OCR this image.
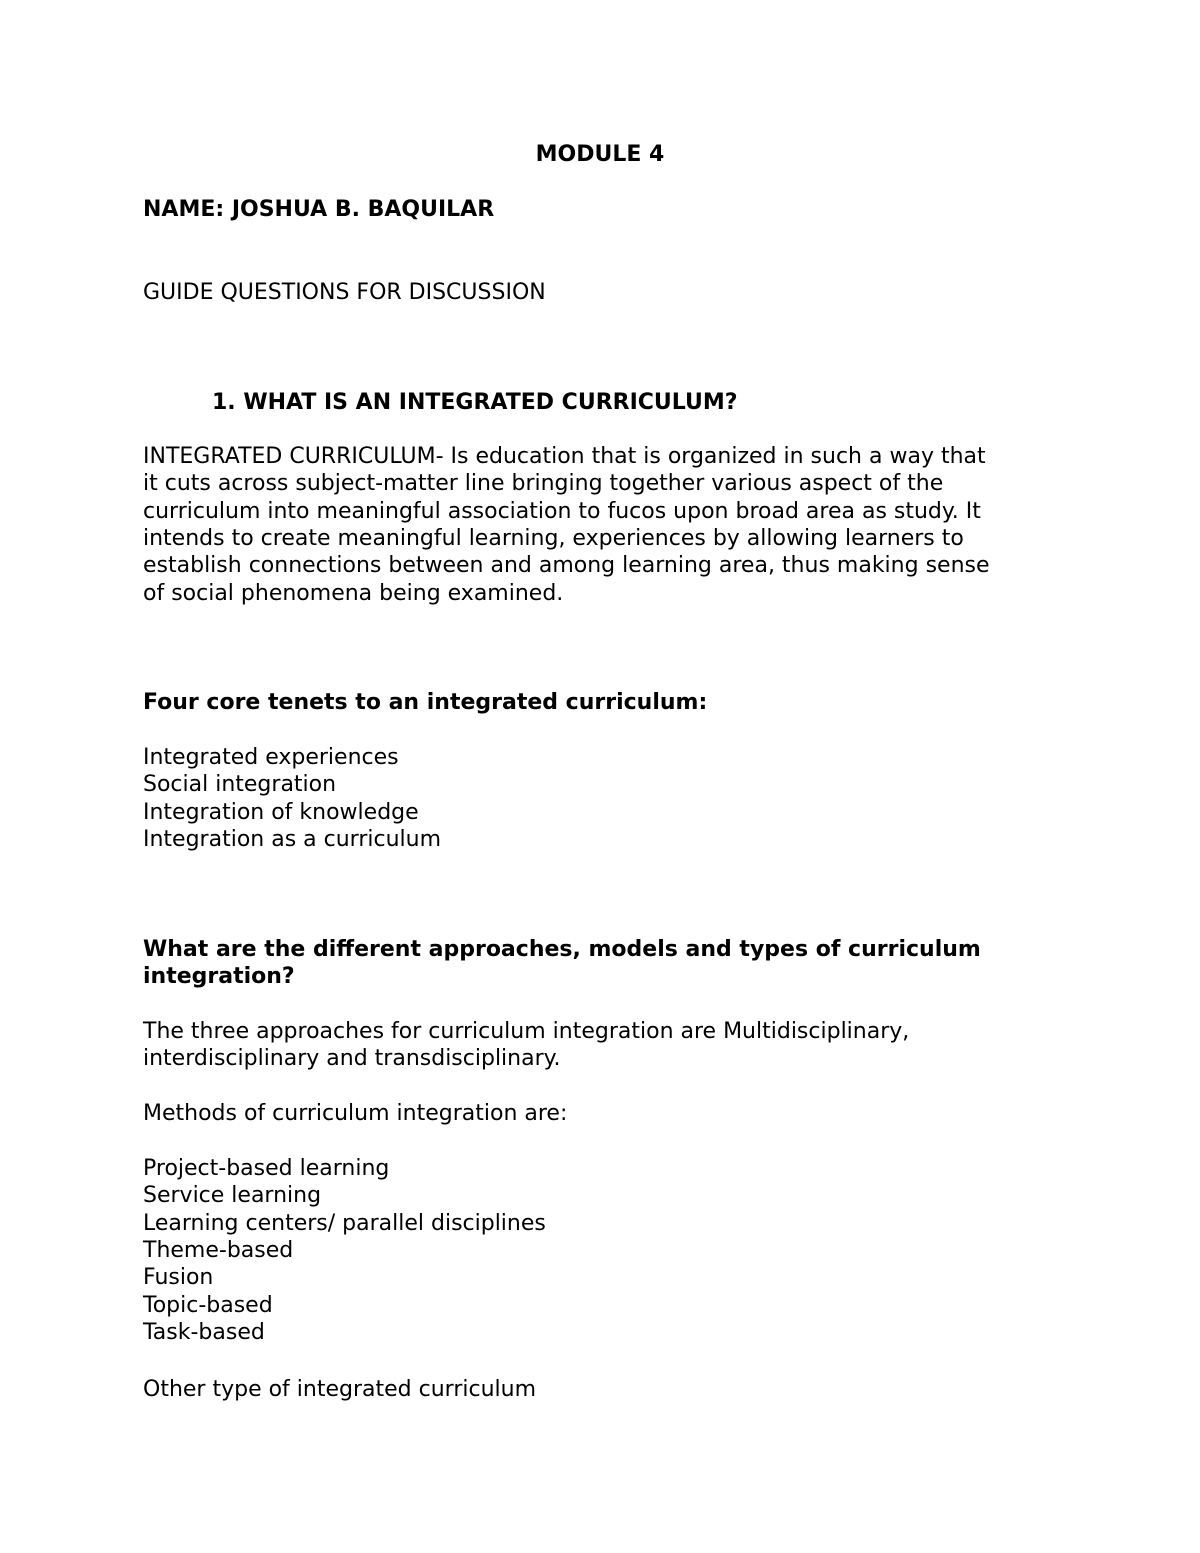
MODULE 4

NAME: JOSHUA B. BAQUILAR

GUIDE QUESTIONS FOR DISCUSSION

1. WHAT IS AN INTEGRATED CURRICULUM?

INTEGRATED CURRICULUM- Is education that is organized in such a way that

it cuts across subject-matter line bringing together various aspect of the

curriculum into meaningful association to fucos upon broad area as study. It

intends to create meaningful learning, experiences by allowing learners to

establish connections between and among learning area, thus making sense

of social phenomena being examined.

Four core tenets to an integrated curriculum:

Integrated experiences

Social integration

Integration of knowledge

Integration as a curriculum

What are the different approaches, models and types of curriculum

integration?

The three approaches for curriculum integration are Multidisciplinary,

interdisciplinary and transdisciplinary.

Methods of curriculum integration are:

Project-based learning

Service learning

Learning centers/ parallel disciplines

Theme-based

Fusion

Topic-based

Task-based

Other type of integrated curriculum
